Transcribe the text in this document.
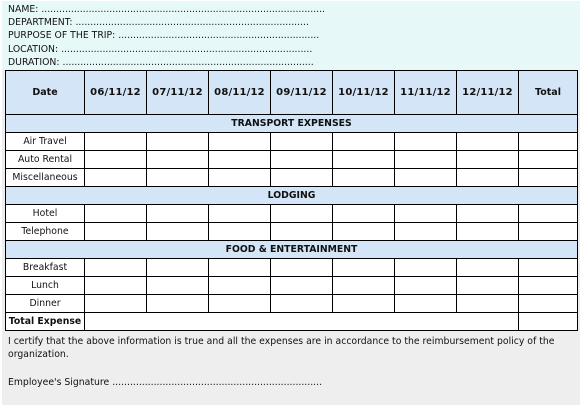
NAME: ................................................................................................
DEPARTMENT: ...............................................................................
PURPOSE OF THE TRIP: ....................................................................
LOCATION: .....................................................................................
DURATION: .....................................................................................
Date	06/11/12	07/11/12	08/11/12	09/11/12	10/11/12	11/11/12	12/11/12	Total
TRANSPORT EXPENSES								
Air Travel								
Auto Rental								
Miscellaneous								
LODGING								
Hotel								
Telephone								
FOOD & ENTERTAINMENT								
Breakfast								
Lunch								
Dinner								
Total Expense								
I certify that the above information is true and all the expenses are in accordance to the reimbursement policy of the organization.
Employee's Signature .......................................................................
